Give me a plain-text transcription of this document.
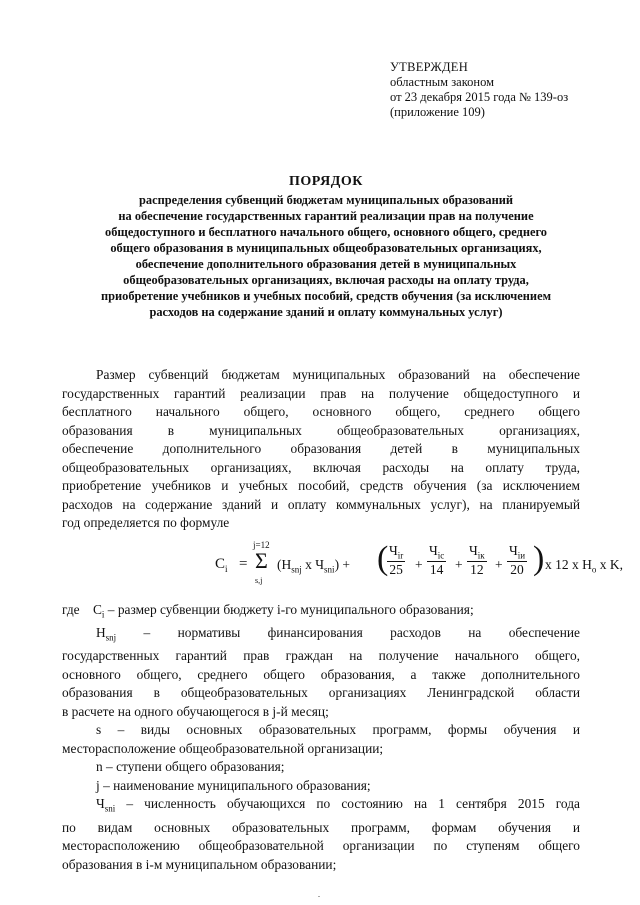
УТВЕРЖДЕН
областным законом
от 23 декабря 2015 года № 139-оз
(приложение 109)
ПОРЯДОК
распределения субвенций бюджетам муниципальных образований
на обеспечение государственных гарантий реализации прав на получение
общедоступного и бесплатного начального общего, основного общего, среднего
общего образования в муниципальных общеобразовательных организациях,
обеспечение дополнительного образования детей в муниципальных
общеобразовательных организациях, включая расходы на оплату труда,
приобретение учебников и учебных пособий, средств обучения (за исключением
расходов на содержание зданий и оплату коммунальных услуг)
Размер субвенций бюджетам муниципальных образований на обеспечение
государственных гарантий реализации прав на получение общедоступного и
бесплатного начального общего, основного общего, среднего общего
образования в муниципальных общеобразовательных организациях,
обеспечение дополнительного образования детей в муниципальных
общеобразовательных организациях, включая расходы на оплату труда,
приобретение учебников и учебных пособий, средств обучения (за исключением
расходов на содержание зданий и оплату коммунальных услуг), на планируемый
год определяется по формуле
$C_i$ =
j=12
Σ
s,j
($H_{snj}$ x $Ч_{sni}$) + ( $Ч_{ir}$
25 +
$Ч_{ic}$
14 +
$Ч_{iк}$
12 +
$Ч_{iи}$
20 ) x 12 x $H_o$ x K,
где $C_i$ – размер субвенции бюджету i-го муниципального образования;
$H_{snj}$ – нормативы финансирования расходов на обеспечение
государственных гарантий прав граждан на получение начального общего,
основного общего, среднего общего образования, а также дополнительного
образования в общеобразовательных организациях Ленинградской области
в расчете на одного обучающегося в j-й месяц;
s – виды основных образовательных программ, формы обучения и
месторасположение общеобразовательной организации;
n – ступени общего образования;
j – наименование муниципального образования;
$Ч_{sni}$ – численность обучающихся по состоянию на 1 сентября 2015 года
по видам основных образовательных программ, формам обучения и
месторасположению общеобразовательной организации по ступеням общего
образования в i-м муниципальном образовании;
.
